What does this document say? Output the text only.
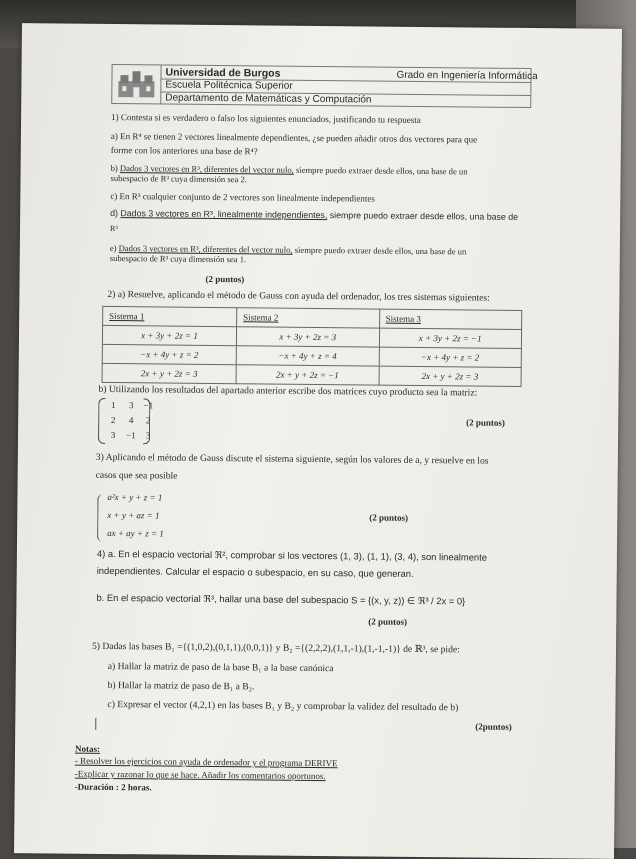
Universidad de Burgos	Grado en Ingeniería Informática

Escuela Politécnica Superior

Departamento de Matemáticas y Computación

1) Contesta si es verdadero o falso los siguientes enunciados, justificando tu respuesta

a) En R⁴ se tienen 2 vectores linealmente dependientes, ¿se pueden añadir otros dos vectores para que

forme con los anteriores una base de R⁴?

b) Dados 3 vectores en R³, diferentes del vector nulo, siempre puedo extraer desde ellos, una base de un

subespacio de R³ cuya dimensión sea 2.

c) En R³ cualquier conjunto de 2 vectores son linealmente independientes

d) Dados 3 vectores en R³, linealmente independientes, siempre puedo extraer desde ellos, una base de

R³

e) Dados 3 vectores en R³, diferentes del vector nulo, siempre puedo extraer desde ellos, una base de un

subespacio de R³ cuya dimensión sea 1.

(2 puntos)

2) a) Resuelve, aplicando el método de Gauss con ayuda del ordenador, los tres sistemas siguientes:

Sistema 1	Sistema 2	Sistema 3
x + 3y + 2z = 1	x + 3y + 2z = 3	x + 3y + 2z = −1
−x + 4y + z = 2	−x + 4y + z = 4	−x + 4y + z = 2
2x + y + 2z = 3	2x + y + 2z = −1	2x + y + 2z = 3

b) Utilizando los resultados del apartado anterior escribe dos matrices cuyo producto sea la matriz:

1	3	−1
2	4	2
3	−1	3

(2 puntos)

3) Aplicando el método de Gauss discute el sistema siguiente, según los valores de a, y resuelve en los

casos que sea posible

a²x + y + z = 1

x + y + az = 1

ax + ay + z = 1

(2 puntos)

4) a. En el espacio vectorial ℜ², comprobar si los vectores (1, 3), (1, 1), (3, 4), son linealmente

independientes. Calcular el espacio o subespacio, en su caso, que generan.

b. En el espacio vectorial ℜ³, hallar una base del subespacio S = {(x, y, z)) ∈ ℜ³ / 2x = 0}

(2 puntos)

5) Dadas las bases B₁ ={(1,0,2),(0,1,1),(0,0,1)} y B₂ ={(2,2,2),(1,1,-1),(1,-1,-1)} de ℝ³, se pide:

a) Hallar la matriz de paso de la base B₁ a la base canónica

b) Hallar la matriz de paso de B₁ a B₂.

c) Expresar el vector (4,2,1) en las bases B₁ y B₂ y comprobar la validez del resultado de b)

(2puntos)

Notas:

- Resolver los ejercicios con ayuda de ordenador y el programa DERIVE

-Explicar y razonar lo que se hace. Añadir los comentarios oportunos.

-Duración : 2 horas.
